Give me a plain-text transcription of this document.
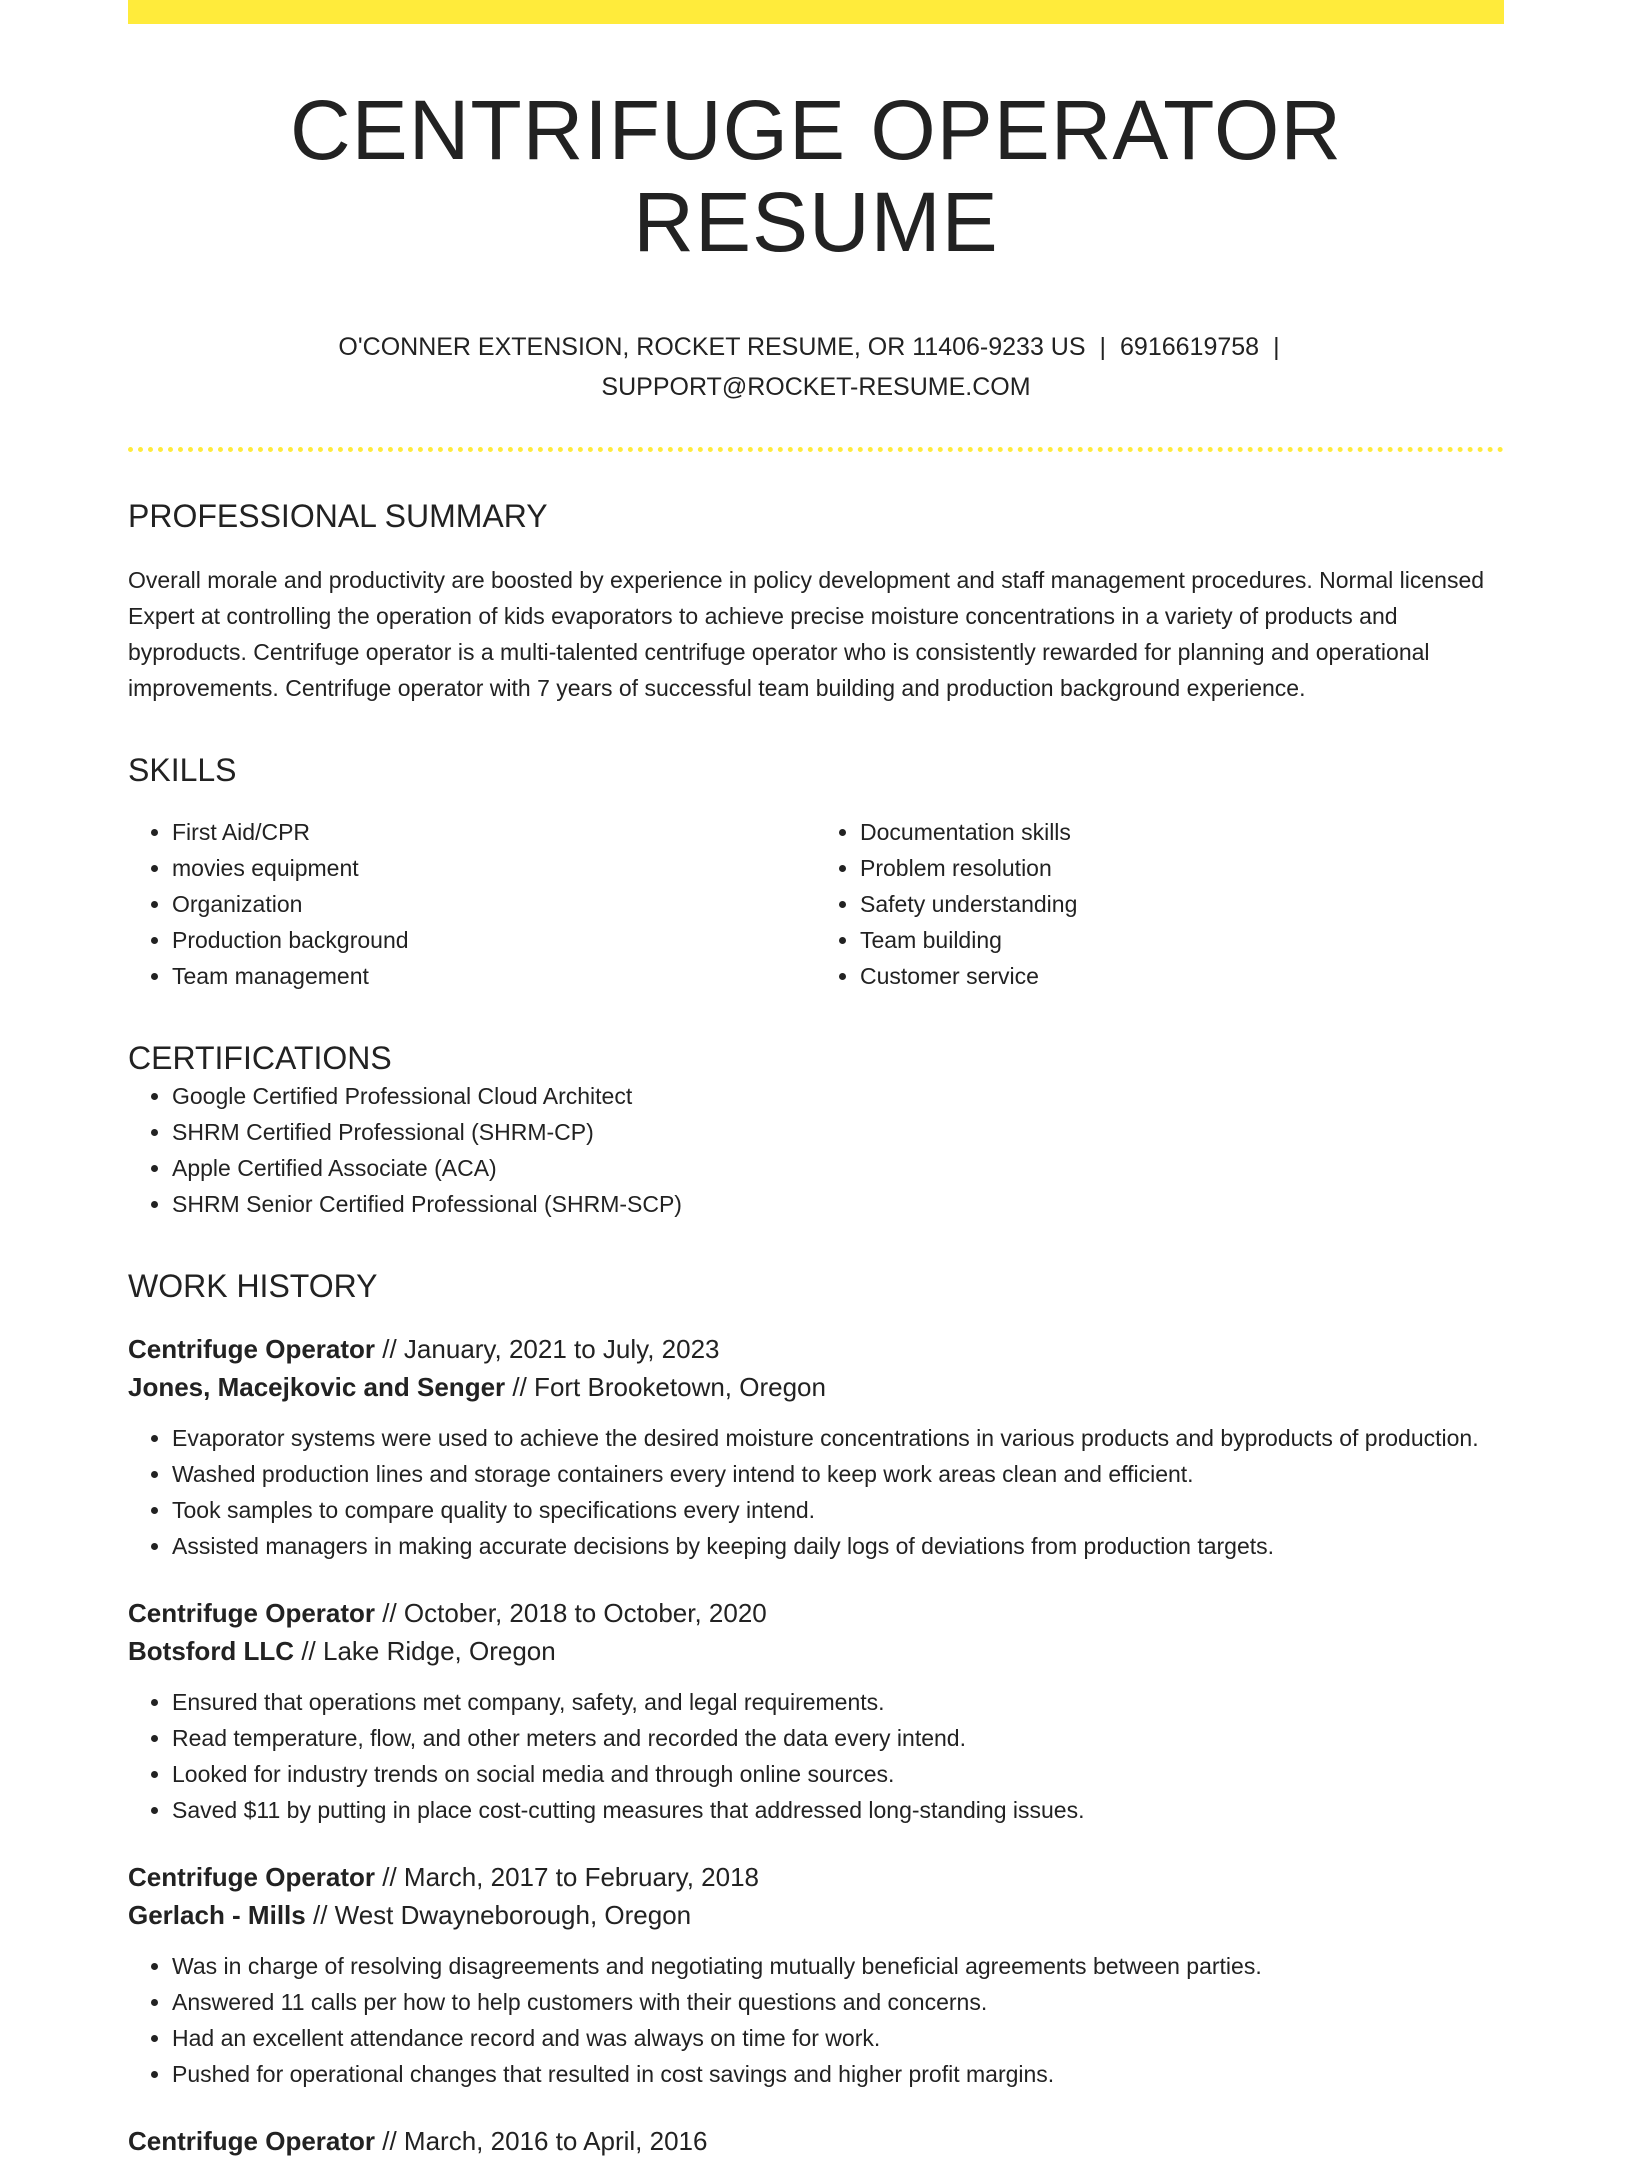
CENTRIFUGE OPERATOR RESUME
O'CONNER EXTENSION, ROCKET RESUME, OR 11406-9233 US | 6916619758 |
SUPPORT@ROCKET-RESUME.COM
PROFESSIONAL SUMMARY

Overall morale and productivity are boosted by experience in policy development and staff management procedures. Normal licensed Expert at controlling the operation of kids evaporators to achieve precise moisture concentrations in a variety of products and byproducts. Centrifuge operator is a multi-talented centrifuge operator who is consistently rewarded for planning and operational improvements. Centrifuge operator with 7 years of successful team building and production background experience.

SKILLS
• First Aid/CPR
• movies equipment
• Organization
• Production background
• Team management
• Documentation skills
• Problem resolution
• Safety understanding
• Team building
• Customer service
CERTIFICATIONS
• Google Certified Professional Cloud Architect
• SHRM Certified Professional (SHRM-CP)
• Apple Certified Associate (ACA)
• SHRM Senior Certified Professional (SHRM-SCP)
WORK HISTORY
Centrifuge Operator // January, 2021 to July, 2023
Jones, Macejkovic and Senger // Fort Brooketown, Oregon
• Evaporator systems were used to achieve the desired moisture concentrations in various products and byproducts of production.
• Washed production lines and storage containers every intend to keep work areas clean and efficient.
• Took samples to compare quality to specifications every intend.
• Assisted managers in making accurate decisions by keeping daily logs of deviations from production targets.
Centrifuge Operator // October, 2018 to October, 2020
Botsford LLC // Lake Ridge, Oregon
• Ensured that operations met company, safety, and legal requirements.
• Read temperature, flow, and other meters and recorded the data every intend.
• Looked for industry trends on social media and through online sources.
• Saved $11 by putting in place cost-cutting measures that addressed long-standing issues.
Centrifuge Operator // March, 2017 to February, 2018
Gerlach - Mills // West Dwayneborough, Oregon
• Was in charge of resolving disagreements and negotiating mutually beneficial agreements between parties.
• Answered 11 calls per how to help customers with their questions and concerns.
• Had an excellent attendance record and was always on time for work.
• Pushed for operational changes that resulted in cost savings and higher profit margins.
Centrifuge Operator // March, 2016 to April, 2016
